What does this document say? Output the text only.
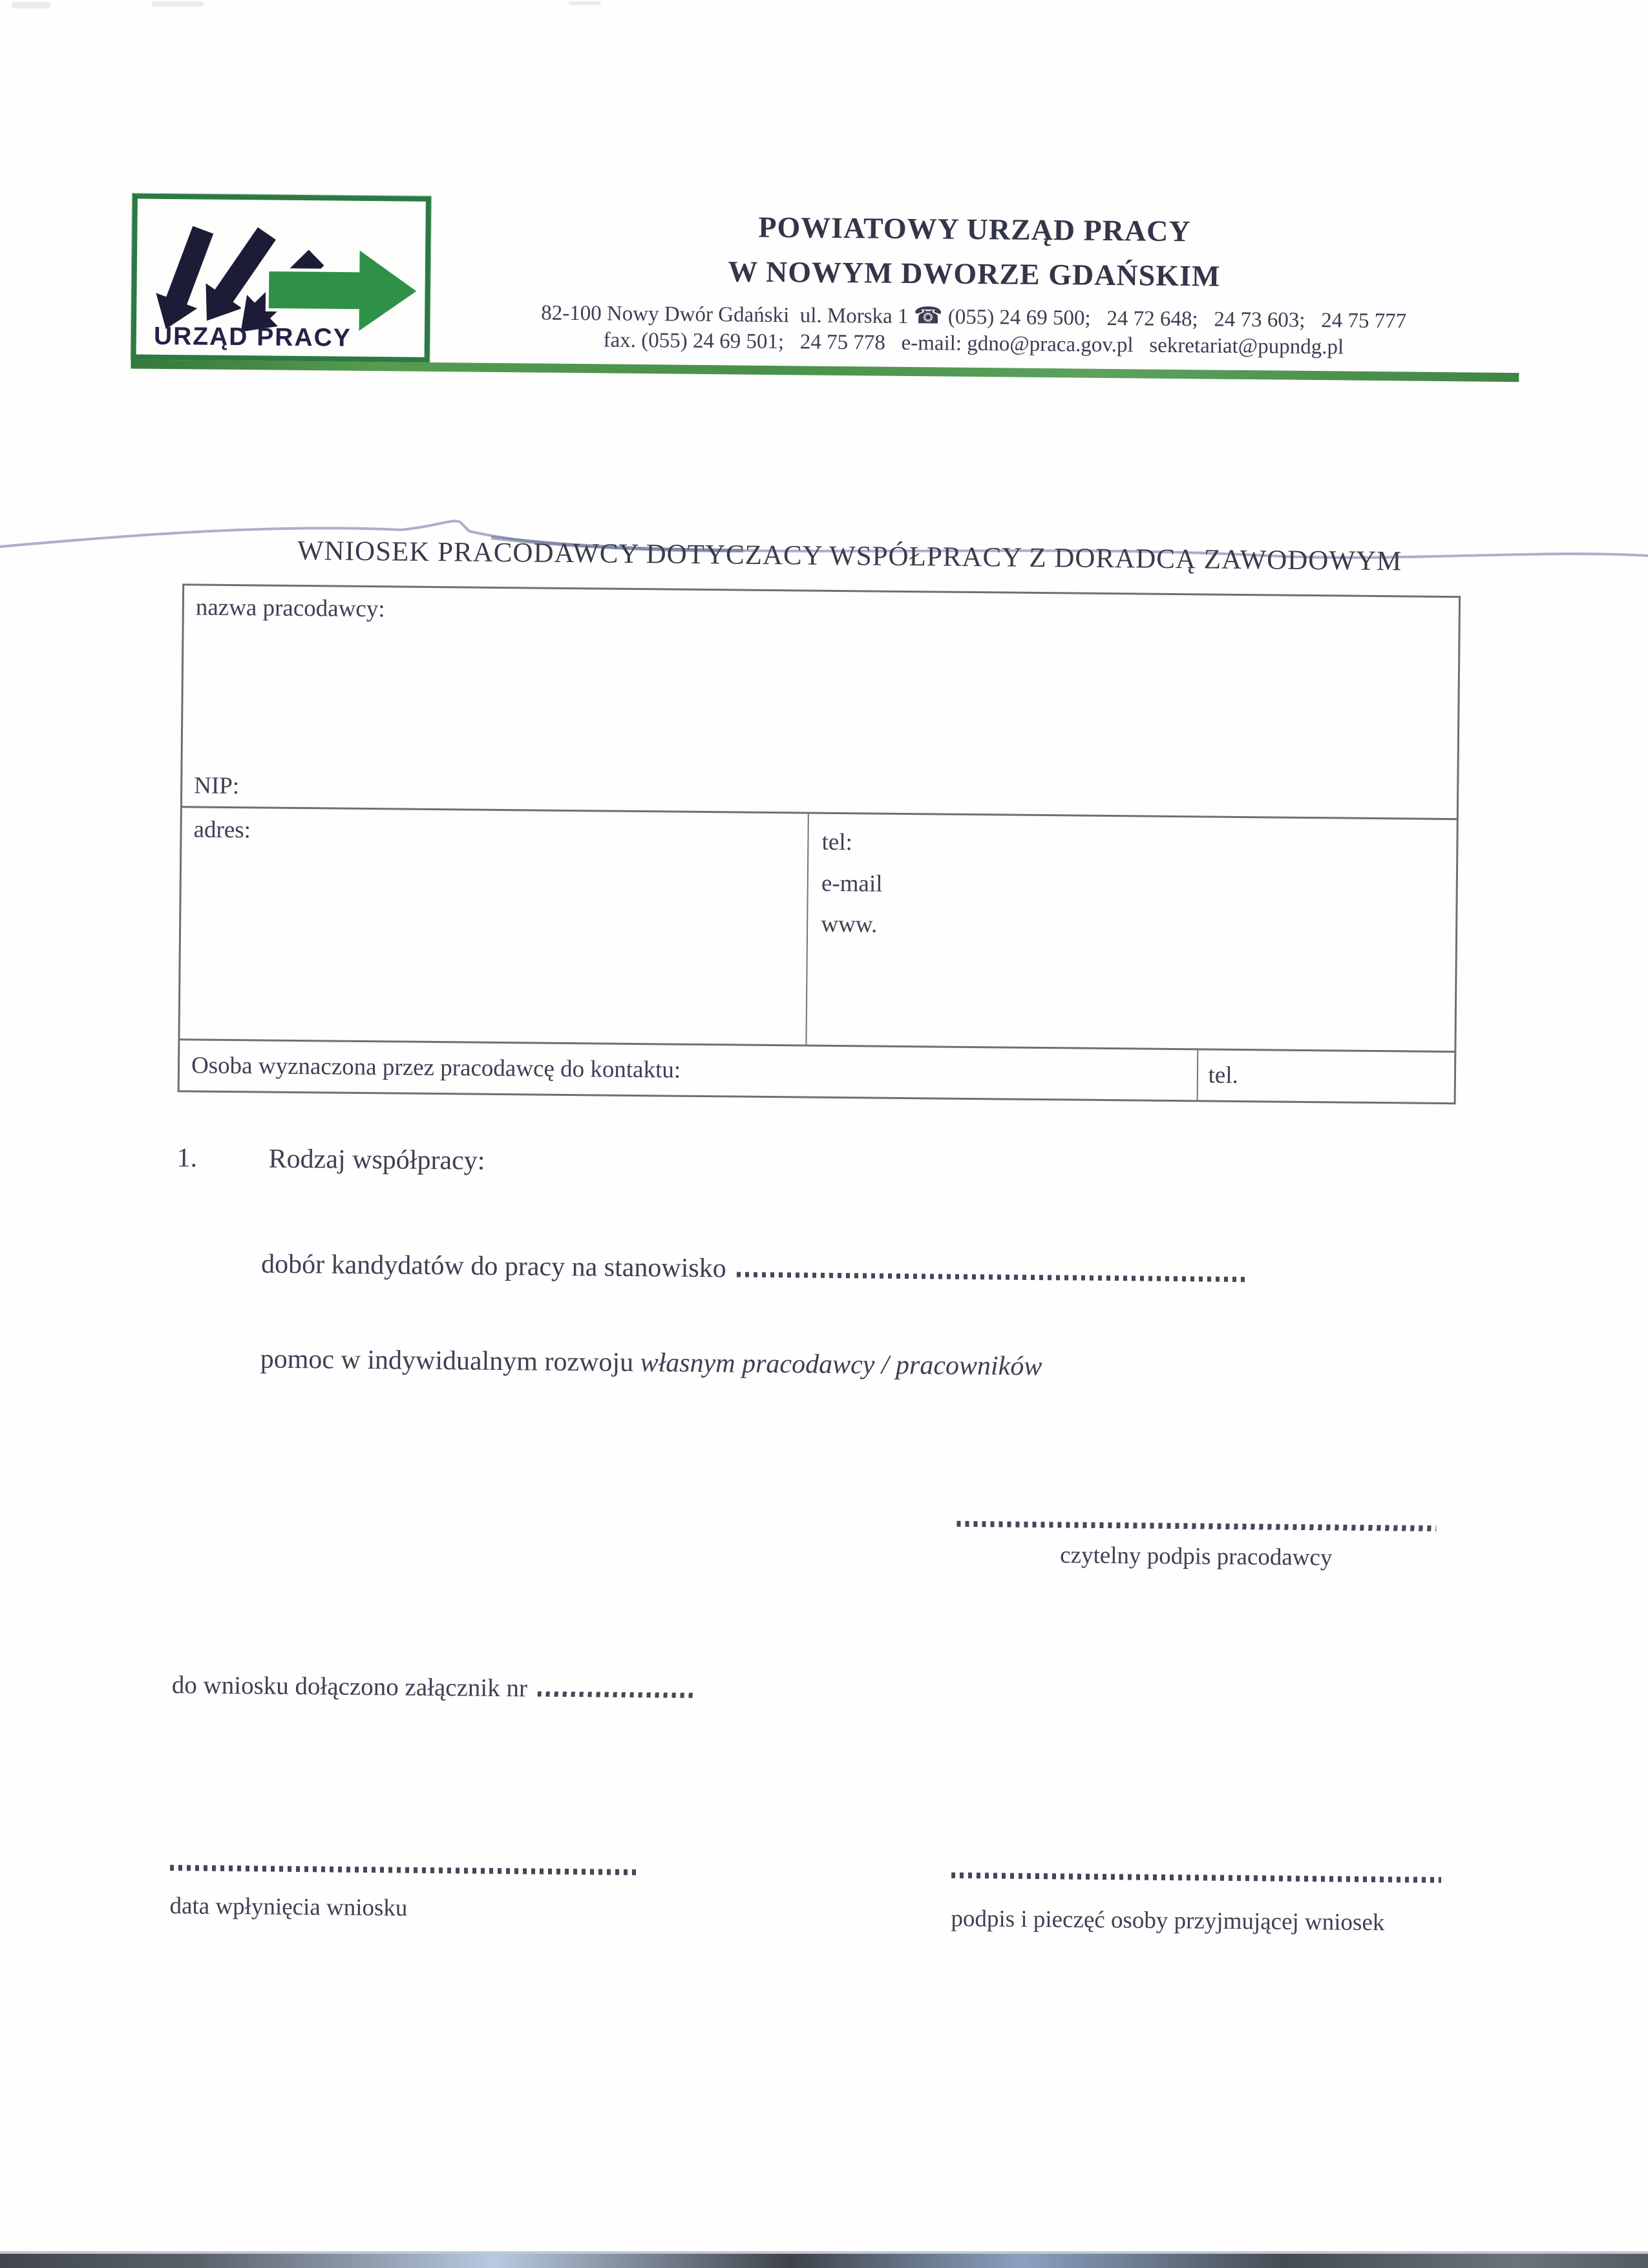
URZĄD PRACY
POWIATOWY URZĄD PRACY
W NOWYM DWORZE GDAŃSKIM
82-100 Nowy Dwór Gdański  ul. Morska 1 ☎ (055) 24 69 500;   24 72 648;   24 73 603;   24 75 777
fax. (055) 24 69 501;   24 75 778   e-mail: gdno@praca.gov.pl   sekretariat@pupndg.pl
WNIOSEK PRACODAWCY DOTYCZACY WSPÓŁPRACY Z DORADCĄ ZAWODOWYM
nazwa pracodawcy:
NIP:
adres:	tel:
e-mail
www.
Osoba wyznaczona przez pracodawcę do kontaktu:	tel.
1.	Rodzaj współpracy:
dobór kandydatów do pracy na stanowisko
pomoc w indywidualnym rozwoju własnym pracodawcy / pracowników
czytelny podpis pracodawcy
do wniosku dołączono załącznik nr
data wpłynięcia wniosku	podpis i pieczęć osoby przyjmującej wniosek
